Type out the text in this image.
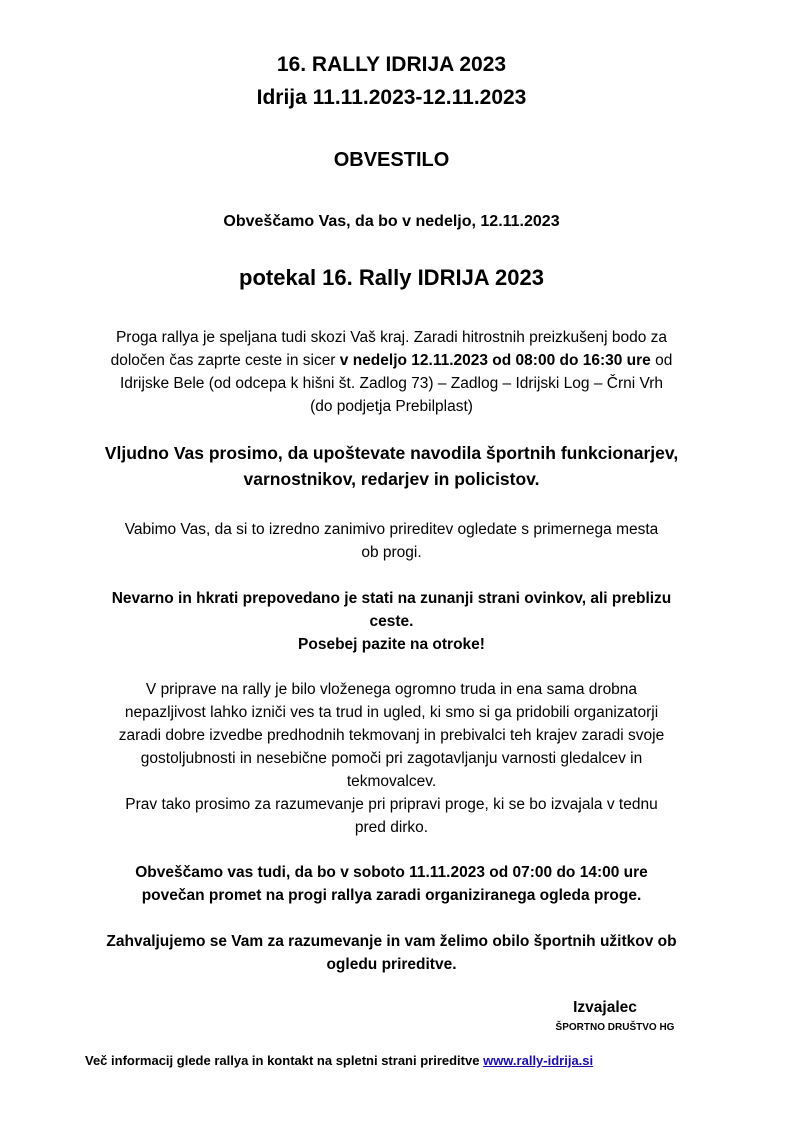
16. RALLY IDRIJA 2023
Idrija 11.11.2023-12.11.2023
OBVESTILO
Obveščamo Vas, da bo v nedeljo, 12.11.2023
potekal 16. Rally IDRIJA 2023
Proga rallya je speljana tudi skozi Vaš kraj. Zaradi hitrostnih preizkušenj bodo za
določen čas zaprte ceste in sicer v nedeljo 12.11.2023 od 08:00 do 16:30 ure od
Idrijske Bele (od odcepa k hišni št. Zadlog 73) – Zadlog – Idrijski Log – Črni Vrh
(do podjetja Prebilplast)
Vljudno Vas prosimo, da upoštevate navodila športnih funkcionarjev,
varnostnikov, redarjev in policistov.
Vabimo Vas, da si to izredno zanimivo prireditev ogledate s primernega mesta
ob progi.
Nevarno in hkrati prepovedano je stati na zunanji strani ovinkov, ali preblizu
ceste.
Posebej pazite na otroke!
V priprave na rally je bilo vloženega ogromno truda in ena sama drobna
nepazljivost lahko izniči ves ta trud in ugled, ki smo si ga pridobili organizatorji
zaradi dobre izvedbe predhodnih tekmovanj in prebivalci teh krajev zaradi svoje
gostoljubnosti in nesebične pomoči pri zagotavljanju varnosti gledalcev in
tekmovalcev.
Prav tako prosimo za razumevanje pri pripravi proge, ki se bo izvajala v tednu
pred dirko.
Obveščamo vas tudi, da bo v soboto 11.11.2023 od 07:00 do 14:00 ure
povečan promet na progi rallya zaradi organiziranega ogleda proge.
Zahvaljujemo se Vam za razumevanje in vam želimo obilo športnih užitkov ob
ogledu prireditve.
Izvajalec
ŠPORTNO DRUŠTVO HG
Več informacij glede rallya in kontakt na spletni strani prireditve www.rally-idrija.si
